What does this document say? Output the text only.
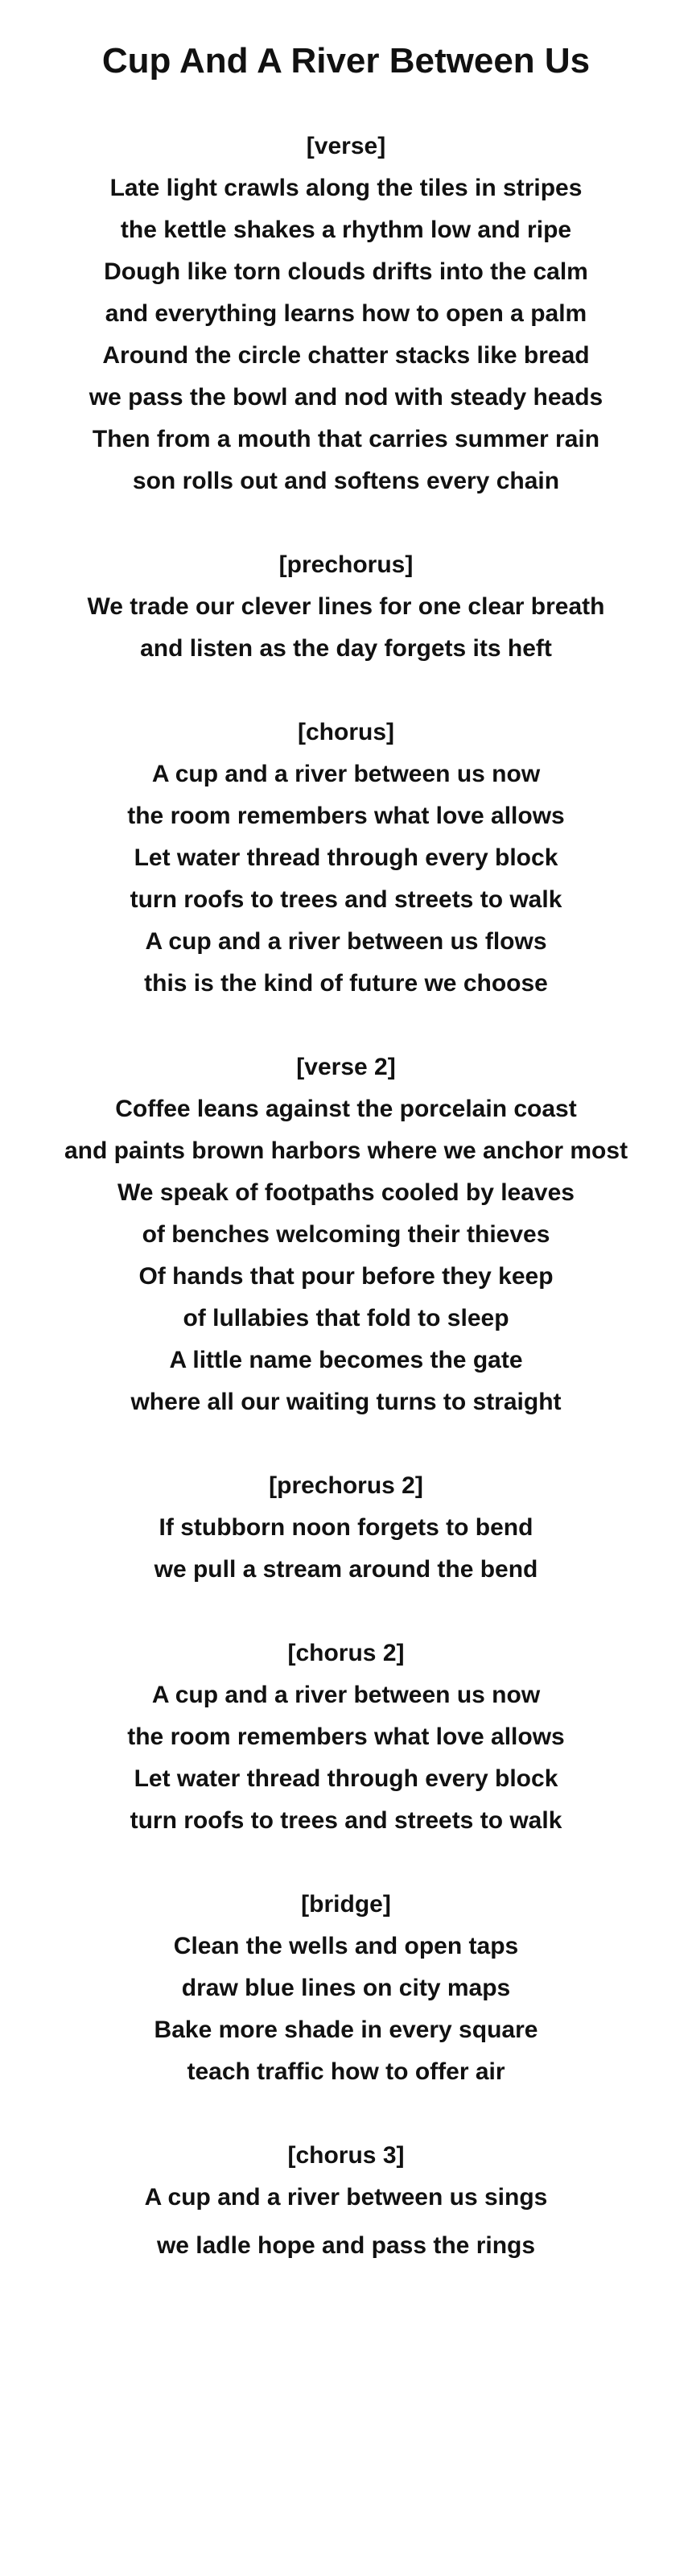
Cup And A River Between Us
[verse]
Late light crawls along the tiles in stripes
the kettle shakes a rhythm low and ripe
Dough like torn clouds drifts into the calm
and everything learns how to open a palm
Around the circle chatter stacks like bread
we pass the bowl and nod with steady heads
Then from a mouth that carries summer rain
son rolls out and softens every chain
[prechorus]
We trade our clever lines for one clear breath
and listen as the day forgets its heft
[chorus]
A cup and a river between us now
the room remembers what love allows
Let water thread through every block
turn roofs to trees and streets to walk
A cup and a river between us flows
this is the kind of future we choose
[verse 2]
Coffee leans against the porcelain coast
and paints brown harbors where we anchor most
We speak of footpaths cooled by leaves
of benches welcoming their thieves
Of hands that pour before they keep
of lullabies that fold to sleep
A little name becomes the gate
where all our waiting turns to straight
[prechorus 2]
If stubborn noon forgets to bend
we pull a stream around the bend
[chorus 2]
A cup and a river between us now
the room remembers what love allows
Let water thread through every block
turn roofs to trees and streets to walk
[bridge]
Clean the wells and open taps
draw blue lines on city maps
Bake more shade in every square
teach traffic how to offer air
[chorus 3]
A cup and a river between us sings
we ladle hope and pass the rings
